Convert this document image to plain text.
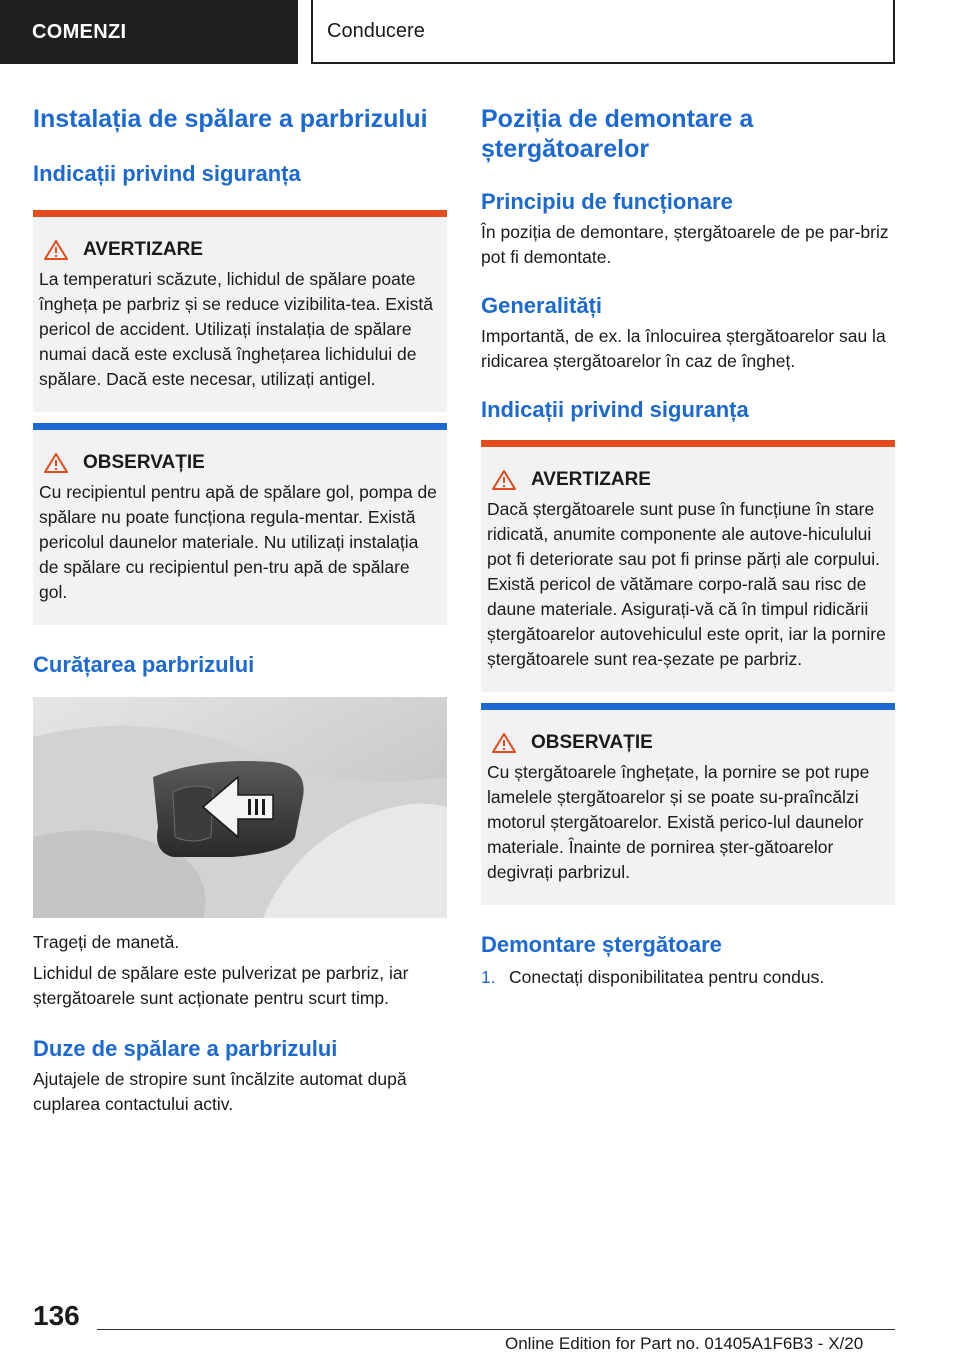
COMENZI	Conducere
Instalația de spălare a parbrizului
Indicații privind siguranța
AVERTIZARE

La temperaturi scăzute, lichidul de spălare poate îngheța pe parbriz și se reduce vizibilita-tea. Există pericol de accident. Utilizați instalația de spălare numai dacă este exclusă înghețarea lichidului de spălare. Dacă este necesar, utilizați antigel.

OBSERVAȚIE

Cu recipientul pentru apă de spălare gol, pompa de spălare nu poate funcționa regula-mentar. Există pericolul daunelor materiale. Nu utilizați instalația de spălare cu recipientul pen-tru apă de spălare gol.

Curățarea parbrizului

Trageți de manetă.

Lichidul de spălare este pulverizat pe parbriz, iar ștergătoarele sunt acționate pentru scurt timp.

Duze de spălare a parbrizului

Ajutajele de stropire sunt încălzite automat după cuplarea contactului activ.

Poziția de demontare a ștergătoarelor
Principiu de funcționare

În poziția de demontare, ștergătoarele de pe par-briz pot fi demontate.

Generalități

Importantă, de ex. la înlocuirea ștergătoarelor sau la ridicarea ștergătoarelor în caz de îngheț.

Indicații privind siguranța
AVERTIZARE

Dacă ștergătoarele sunt puse în funcțiune în stare ridicată, anumite componente ale autove-hiculului pot fi deteriorate sau pot fi prinse părți ale corpului. Există pericol de vătămare corpo-rală sau risc de daune materiale. Asigurați-vă că în timpul ridicării ștergătoarelor autovehiculul este oprit, iar la pornire ștergătoarele sunt rea-șezate pe parbriz.

OBSERVAȚIE

Cu ștergătoarele înghețate, la pornire se pot rupe lamelele ștergătoarelor și se poate su-praîncălzi motorul ștergătoarelor. Există perico-lul daunelor materiale. Înainte de pornirea șter-gătoarelor degivrați parbrizul.

Demontare ștergătoare
1. Conectați disponibilitatea pentru condus.
136
Online Edition for Part no. 01405A1F6B3 - X/20
